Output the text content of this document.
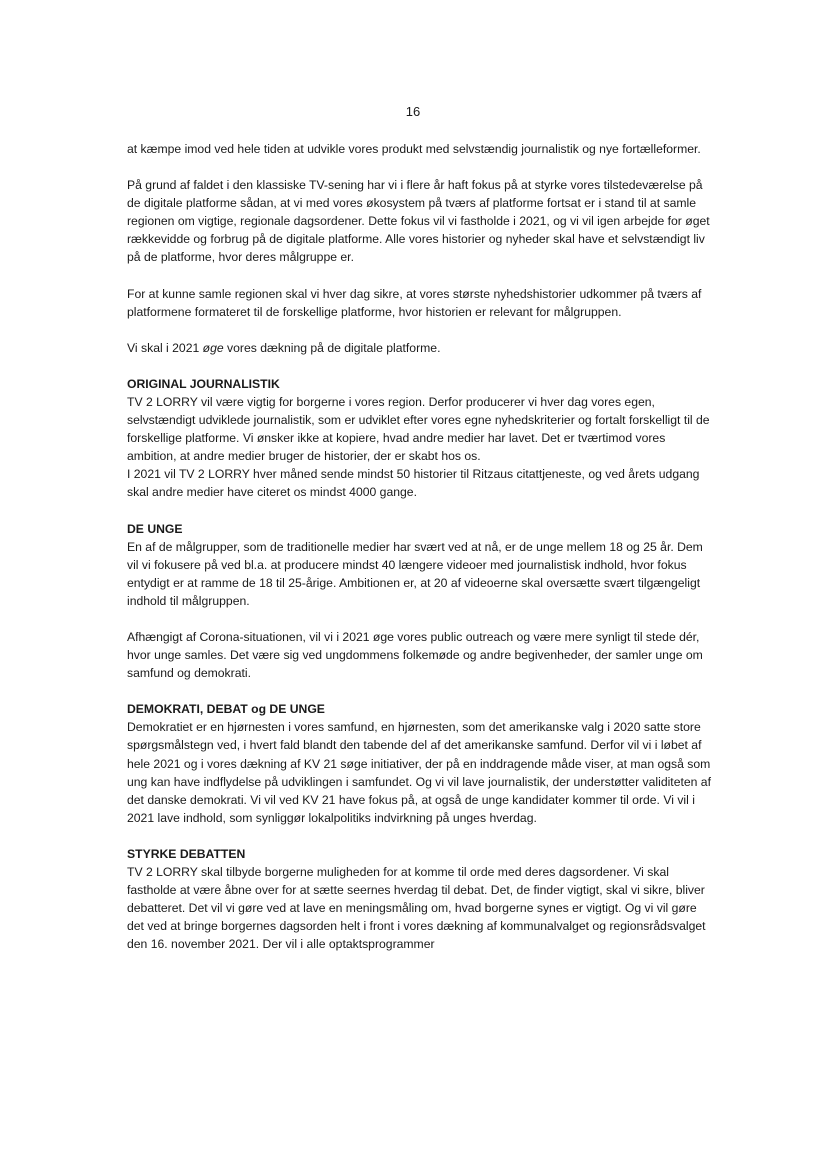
16

at kæmpe imod ved hele tiden at udvikle vores produkt med selvstændig journalistik og nye fortælleformer.

På grund af faldet i den klassiske TV-sening har vi i flere år haft fokus på at styrke vores tilstedeværelse på de digitale platforme sådan, at vi med vores økosystem på tværs af platforme fortsat er i stand til at samle regionen om vigtige, regionale dagsordener. Dette fokus vil vi fastholde i 2021, og vi vil igen arbejde for øget rækkevidde og forbrug på de digitale platforme. Alle vores historier og nyheder skal have et selvstændigt liv på de platforme, hvor deres målgruppe er.

For at kunne samle regionen skal vi hver dag sikre, at vores største nyhedshistorier udkommer på tværs af platformene formateret til de forskellige platforme, hvor historien er relevant for målgruppen.

Vi skal i 2021 øge vores dækning på de digitale platforme.

ORIGINAL JOURNALISTIK

TV 2 LORRY vil være vigtig for borgerne i vores region. Derfor producerer vi hver dag vores egen, selvstændigt udviklede journalistik, som er udviklet efter vores egne nyhedskriterier og fortalt forskelligt til de forskellige platforme. Vi ønsker ikke at kopiere, hvad andre medier har lavet. Det er tværtimod vores ambition, at andre medier bruger de historier, der er skabt hos os.

I 2021 vil TV 2 LORRY hver måned sende mindst 50 historier til Ritzaus citattjeneste, og ved årets udgang skal andre medier have citeret os mindst 4000 gange.

DE UNGE

En af de målgrupper, som de traditionelle medier har svært ved at nå, er de unge mellem 18 og 25 år. Dem vil vi fokusere på ved bl.a. at producere mindst 40 længere videoer med journalistisk indhold, hvor fokus entydigt er at ramme de 18 til 25-årige. Ambitionen er, at 20 af videoerne skal oversætte svært tilgængeligt indhold til målgruppen.

Afhængigt af Corona-situationen, vil vi i 2021 øge vores public outreach og være mere synligt til stede dér, hvor unge samles. Det være sig ved ungdommens folkemøde og andre begivenheder, der samler unge om samfund og demokrati.

DEMOKRATI, DEBAT og DE UNGE

Demokratiet er en hjørnesten i vores samfund, en hjørnesten, som det amerikanske valg i 2020 satte store spørgsmålstegn ved, i hvert fald blandt den tabende del af det amerikanske samfund. Derfor vil vi i løbet af hele 2021 og i vores dækning af KV 21 søge initiativer, der på en inddragende måde viser, at man også som ung kan have indflydelse på udviklingen i samfundet. Og vi vil lave journalistik, der understøtter validiteten af det danske demokrati. Vi vil ved KV 21 have fokus på, at også de unge kandidater kommer til orde. Vi vil i 2021 lave indhold, som synliggør lokalpolitiks indvirkning på unges hverdag.

STYRKE DEBATTEN

TV 2 LORRY skal tilbyde borgerne muligheden for at komme til orde med deres dagsordener. Vi skal fastholde at være åbne over for at sætte seernes hverdag til debat. Det, de finder vigtigt, skal vi sikre, bliver debatteret. Det vil vi gøre ved at lave en meningsmåling om, hvad borgerne synes er vigtigt. Og vi vil gøre det ved at bringe borgernes dagsorden helt i front i vores dækning af kommunalvalget og regionsrådsvalget den 16. november 2021. Der vil i alle optaktsprogrammer
